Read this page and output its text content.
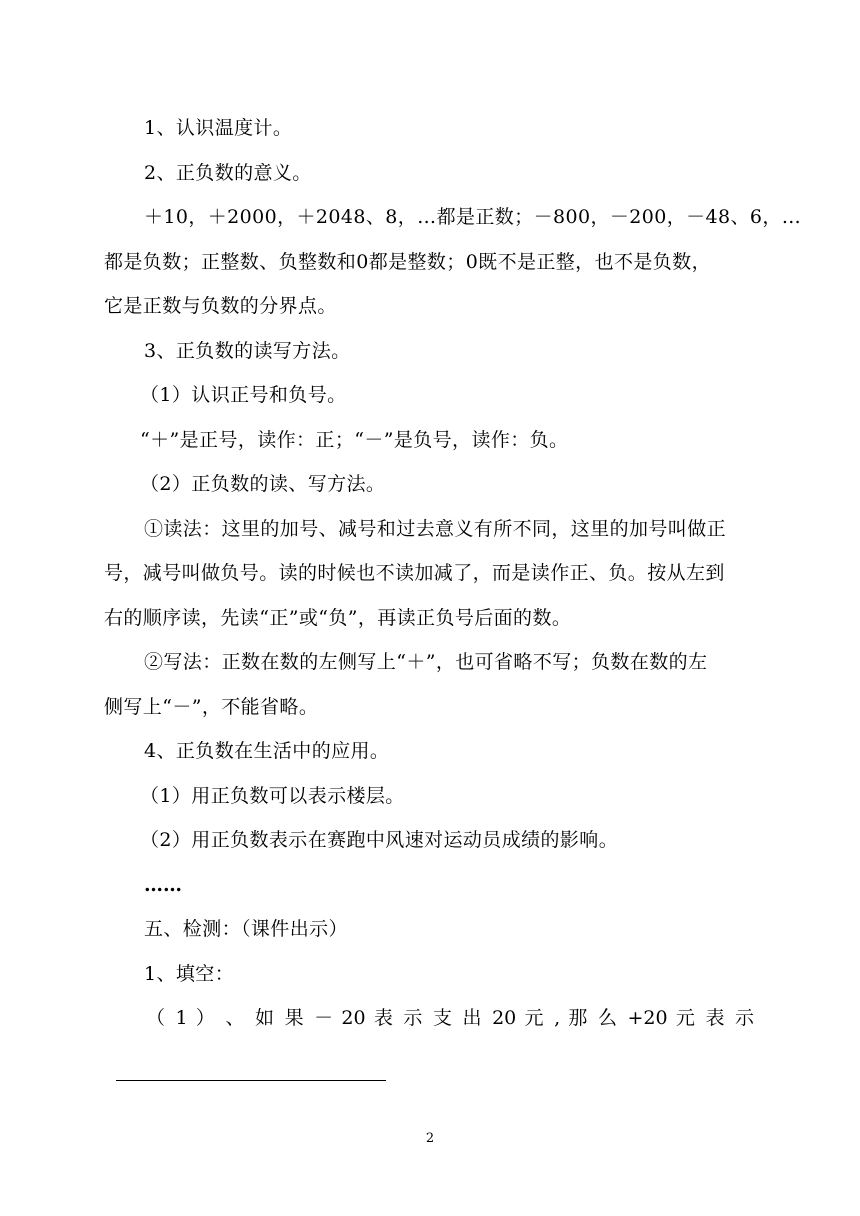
1、认识温度计。
2、正负数的意义。
＋10，＋2000，＋2048、8，…都是正数；－800，－200，－48、6，…
都是负数；正整数、负整数和0都是整数；0既不是正整，也不是负数，
它是正数与负数的分界点。
3、正负数的读写方法。
（1）认识正号和负号。
“＋”是正号，读作：正；“－”是负号，读作：负。
（2）正负数的读、写方法。
①读法：这里的加号、减号和过去意义有所不同，这里的加号叫做正
号，减号叫做负号。读的时候也不读加减了，而是读作正、负。按从左到
右的顺序读，先读“正”或“负”，再读正负号后面的数。
②写法：正数在数的左侧写上“＋”，也可省略不写；负数在数的左
侧写上“－”，不能省略。
4、正负数在生活中的应用。
（1）用正负数可以表示楼层。
（2）用正负数表示在赛跑中风速对运动员成绩的影响。
……
五、检测：（课件出示）
1、填空：
（ 1 ） 、 如 果 － 20 表 示 支 出 20 元 , 那 么 +20 元 表 示
2
